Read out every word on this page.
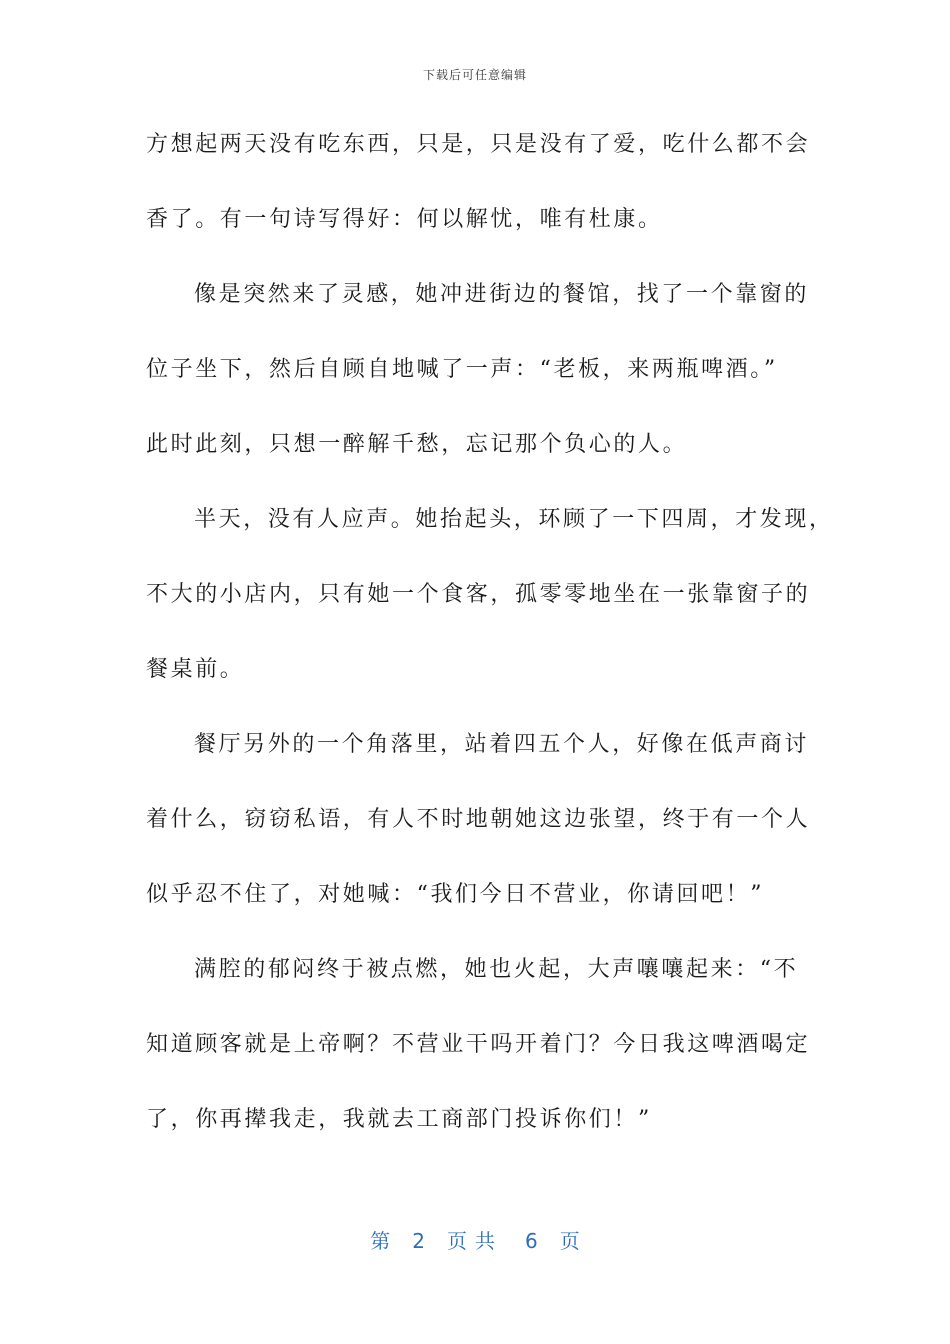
下载后可任意编辑
方想起两天没有吃东西，只是，只是没有了爱，吃什么都不会
香了。有一句诗写得好：何以解忧，唯有杜康。
像是突然来了灵感，她冲进街边的餐馆，找了一个靠窗的
位子坐下，然后自顾自地喊了一声：“老板，来两瓶啤酒。”
此时此刻，只想一醉解千愁，忘记那个负心的人。
半天，没有人应声。她抬起头，环顾了一下四周，才发现，
不大的小店内，只有她一个食客，孤零零地坐在一张靠窗子的
餐桌前。
餐厅另外的一个角落里，站着四五个人，好像在低声商讨
着什么，窃窃私语，有人不时地朝她这边张望，终于有一个人
似乎忍不住了，对她喊：“我们今日不营业，你请回吧！”
满腔的郁闷终于被点燃，她也火起，大声嚷嚷起来：“不
知道顾客就是上帝啊？不营业干吗开着门？今日我这啤酒喝定
了，你再撵我走，我就去工商部门投诉你们！”
第 2 页共 6 页
